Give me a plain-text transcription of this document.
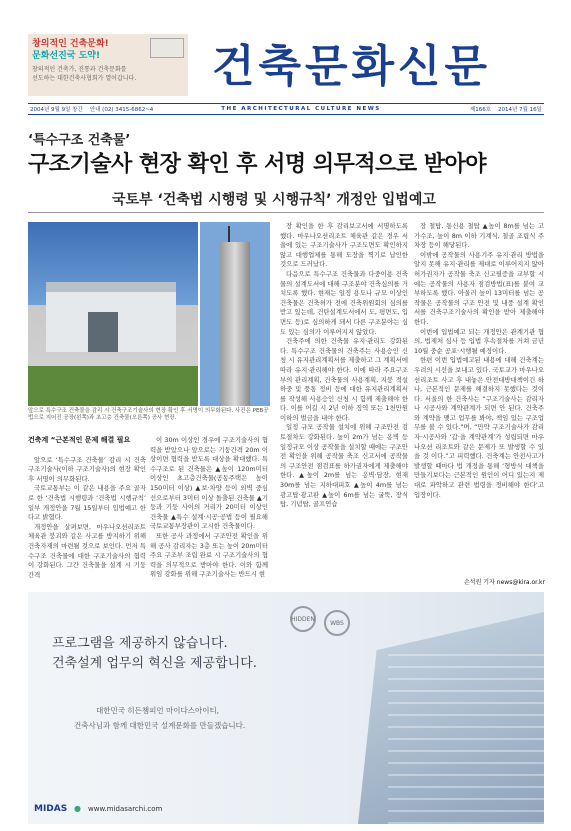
창의적인 건축문화!
문화선진국 도약!
창의적인 건축가, 진통과 건축문화를
선도하는 대한건축사협회가 열어갑니다.	건축문화신문
2004년 9월 9일 창간 안내 (02) 3415-6862~4	THE ARCHITECTURAL CULTURE NEWS	제166호 2014년 7월 16일
‘특수구조 건축물’
구조기술사 현장 확인 후 서명 의무적으로 받아야
국토부 ‘건축법 시행령 및 시행규칙’ 개정안 입법예고
앞으로 특수구조 건축물을 감리 시 건축구조기술사의 현장 확인 후 서명이 의무화된다. 사진은 PEB공법으로 지어진 공장(왼쪽)과 초고층 건축물(오른쪽) 공사 현장.
건축계 “근본적인 문제 해결 필요

앞으로 ‘특수구조 건축물’ 감리 시 건축구조기술사(이하 구조기술사)의 현장 확인 후 서명이 의무화된다.

국토교통부는 이 같은 내용을 주요 골자로 한 ‘건축법 시행령과 ‘건축법 시행규칙’ 일부 개정안을 7월 15일부터 입법예고 한다고 밝혔다.

개정안을 살펴보면, 마우나오션리조트 체육관 붕괴와 같은 사고를 방지하기 위해 건축자재의 마련될 것으로 보인다. 먼저 특수구조 건축물에 대한 구조기술사의 협력이 강화된다. 그간 건축물을 설계 시 기둥 간격

이 30m 이상인 경우에 구조기술사의 협력을 받았으나 앞으로는 기둥간격 20m 이상이면 협력을 받도록 대상을 확대했다. 특수구조로 된 건축물은 ▲높이 120m미터 이상인 초고층건축물(공동주택은 높이 150미터 이상) ▲보·차양 등이 외벽 중심선으로부터 3미터 이상 돌출된 건축물 ▲기둥과 기둥 사이의 거리가 20미터 이상인 건축물 ▲특수 설계·시공·공법 등이 필요해 국토교통부장관이 고시한 건축물이다.

또한 공사 과정에서 구조안전 확인을 위해 공사 감리자는 3층 또는 높이 20m미터 주요 구조부 조립 완료 시 구조기술사의 협력을 의무적으로 받아야 한다. 이와 함께 위임 강화를 위해 구조기술사는 반드시 현

장 확인을 한 후 감리보고서에 서명하도록 했다. 마우나오션리조트 체육관 같은 경우 서울에 있는 구조기술사가 구조도면도 확인하지 않고 대행업체를 통해 도장을 찍기로 납인한 것으로 드러났다.

다음으로 특수구조 건축물과 다중이용 건축물의 설계도서에 대해 구조분야 건축심의를 거치도록 했다. 현재는 일정 용도나 규모 이상인 건축물은 건축허가 전에 건축위원회의 심의를 받고 있는데, 건탄설계도서에서 도, 평면도, 입면도 등)로 심의하게 돼서 다른 구조분야는 심도 있는 심의가 이루어지지 않았다.

건축주에 의한 건축물 유지·관리도 강화된다. 특수구조 건축물의 건축주는 사용승인 신청 시 유지관리계획서를 제출하고 그 계획서에 따라 유지·관리해야 한다. 이에 따라 주요구조부의 관리계획, 건축물의 사용계획, 지붕 적설하중 및 풍통 정비 등에 대한 유지관리계획서를 작성해 사용승인 신청 시 함께 제출해야 한다. 이를 어길 시 2년 이하 징역 또는 1천만원 이하의 벌금을 내야 한다.

일정 규모 공작물 설치에 위해 구조안전 검토절차도 강화된다. 높이 2m가 넘는 옹벽 등 일정규모 이상 공작물을 설치할 때에는 구조안전 확인을 위해 공작물 축조 신고서에 공작물의 구조안전 점검표를 하가권자에게 제출해야 한다. ▲높이 2m를 넘는 옹벽·담장, 현재 30m를 넘는 지하대피호 ▲높이 4m를 넘는 광고탑·광고판 ▲높이 6m를 넘는 굴뚝, 장식탑, 기념탑, 골프연습

장 철탑, 통신용 철탑 ▲높이 8m를 넘는 고가수조, 높이 8m 이하 기계식, 철골 조립식 주차장 등이 해당된다.

이밖에 공작물의 사용기주 유지·관리 방법을 알지 못해 유지·관리를 제대로 이루어지지 않아 허가권자가 공작물 축조 신고필증을 교부할 시에는 공작물의 사용자 점검방법(표)를 붙여 교부하도록 했다. 아울러 높이 13미터를 넘는 공작물은 공작물의 구조 안전 및 내풍 설계 확인서를 건축구조기술사의 확인을 받아 제출해야 한다.

이번에 입법예고 되는 개정안은 관계기관 협의, 법제처 심사 등 입법 후속절차를 거쳐 금년 10월 중순 공포·시행될 예정이다.

한편 이번 입법예고된 내용에 대해 건축계는 우려의 시선을 보내고 있다. 국토교가 마우나오션리조트 사고 후 내놓은 안전대방대책이긴 하나, 근본적인 문제를 해결하지 못했다는 것이다. 서울의 한 건축사는 “구조기술사는 감리자나 시공사와 계약관계가 되면 안 된다. 건축주와 계약을 맺고 업무를 봐야, 책임 있는 구조업무를 볼 수 있다.”며, “만약 구조기술사가 감리자·시공사와 ‘갑·을 계약관계’가 성립되면 마우나오션 리조트와 같은 문제가 또 발생할 수 있을 것 이다.”고 피력했다. 건축계는 안전사고가 발생할 때마다 법 개정을 통해 ‘형방식 대책을 만들기보다는 근본적인 원인이 어디 있는지 제대로 파악하고 관련 법령을 정비해야 한다’고 입장이다.

손석원 기자 news@kira.or.kr
HIDDEN
WBS
프로그램을 제공하지 않습니다.
건축설계 업무의 혁신을 제공합니다.
대한민국 히든챔피언 마이다스아이티,
건축사님과 함께 대한민국 설계문화를 만들겠습니다.
MIDAS ● www.midasarchi.com
